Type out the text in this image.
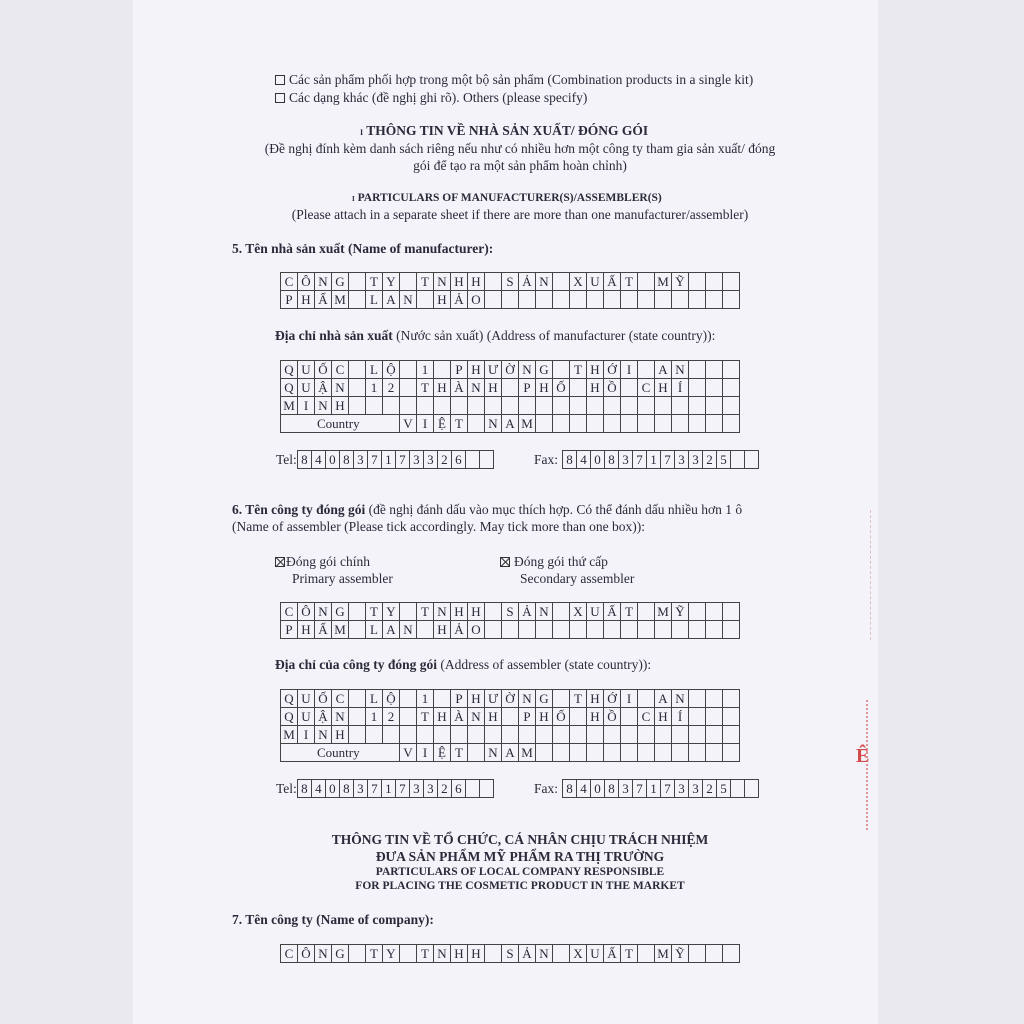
Ê
Các sản phẩm phối hợp trong một bộ sản phẩm (Combination products in a single kit)
Các dạng khác (đề nghị ghi rõ). Others (please specify)
I THÔNG TIN VỀ NHÀ SẢN XUẤT/ ĐÓNG GÓI
(Đề nghị đính kèm danh sách riêng nếu như có nhiều hơn một công ty tham gia sản xuất/ đóng
gói để tạo ra một sản phẩm hoàn chỉnh)
I PARTICULARS OF MANUFACTURER(S)/ASSEMBLER(S)
(Please attach in a separate sheet if there are more than one manufacturer/assembler)
5. Tên nhà sản xuất (Name of manufacturer):
C	Ô	N	G		T	Y		T	N	H	H		S	Ả	N		X	U	Ấ	T		M	Ỹ			
P	H	Ẩ	M		L	A	N		H	Ả	O															
Địa chỉ nhà sản xuất (Nước sản xuất) (Address of manufacturer (state country)):
Q	U	Ố	C		L	Ộ		1		P	H	Ư	Ờ	N	G		T	H	Ớ	I		A	N			
Q	U	Ậ	N		1	2		T	H	À	N	H		P	H	Ố		H	Ồ		C	H	Í			
M	I	N	H																							
Country							V	I	Ệ	T		N	A	M												
Tel: 8	4	0	8	3	7	1	7	3	3	2	6			Fax: 8	4	0	8	3	7	1	7	3	3	2	5		
6. Tên công ty đóng gói (đề nghị đánh dấu vào mục thích hợp. Có thể đánh dấu nhiều hơn 1 ô
(Name of assembler (Please tick accordingly. May tick more than one box)):
Đóng gói chính
Primary assembler
Đóng gói thứ cấp
Secondary assembler
C	Ô	N	G		T	Y		T	N	H	H		S	Ả	N		X	U	Ấ	T		M	Ỹ			
P	H	Ẩ	M		L	A	N		H	Ả	O															
Địa chỉ của công ty đóng gói (Address of assembler (state country)):
Q	U	Ố	C		L	Ộ		1		P	H	Ư	Ờ	N	G		T	H	Ớ	I		A	N			
Q	U	Ậ	N		1	2		T	H	À	N	H		P	H	Ố		H	Ồ		C	H	Í			
M	I	N	H																							
Country							V	I	Ệ	T		N	A	M												
Tel: 8	4	0	8	3	7	1	7	3	3	2	6			Fax: 8	4	0	8	3	7	1	7	3	3	2	5		
THÔNG TIN VỀ TỔ CHỨC, CÁ NHÂN CHỊU TRÁCH NHIỆM
ĐƯA SẢN PHẨM MỸ PHẨM RA THỊ TRƯỜNG
PARTICULARS OF LOCAL COMPANY RESPONSIBLE
FOR PLACING THE COSMETIC PRODUCT IN THE MARKET
7. Tên công ty (Name of company):
C	Ô	N	G		T	Y		T	N	H	H		S	Ả	N		X	U	Ấ	T		M	Ỹ			
